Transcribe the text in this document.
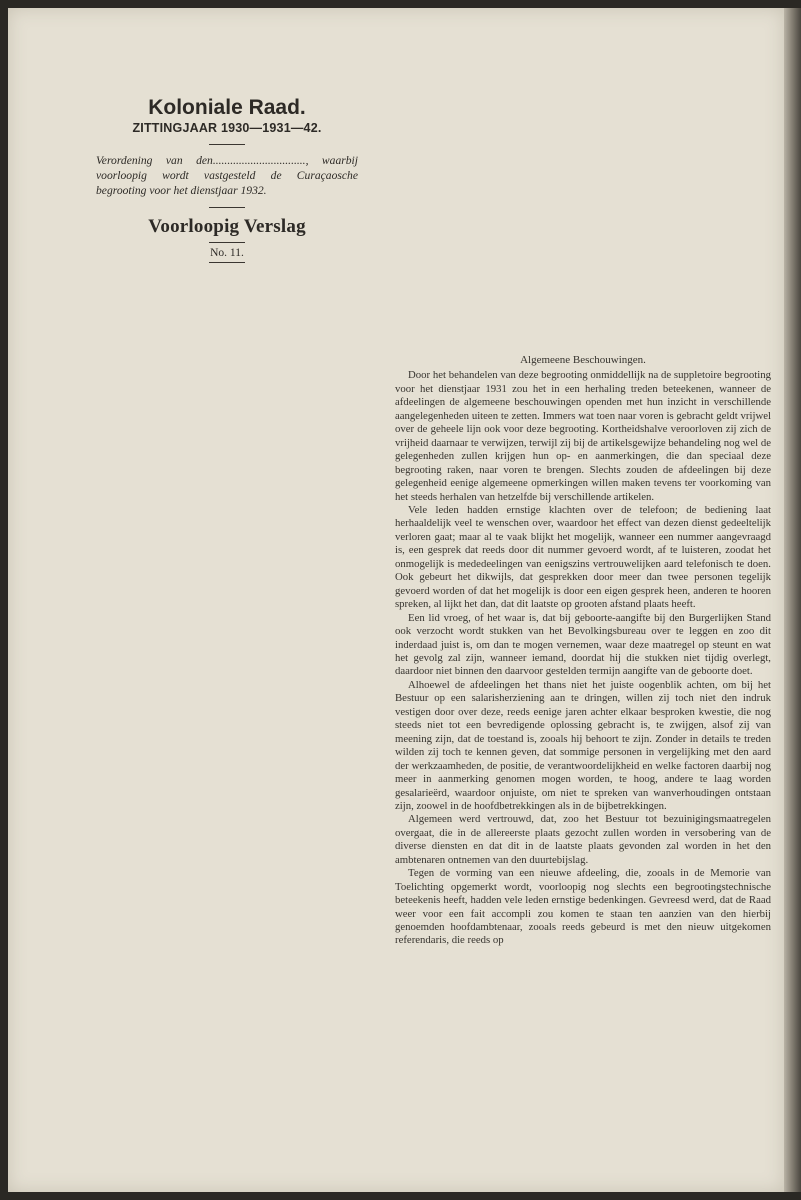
Koloniale Raad.

ZITTINGJAAR 1930—1931—42.

Verordening van den................................, waarbij voorloopig wordt vastgesteld de Curaçaosche begrooting voor het dienstjaar 1932.

Voorloopig Verslag

No. 11.

Algemeene Beschouwingen.

Door het behandelen van deze begrooting onmiddellijk na de suppletoire begrooting voor het dienstjaar 1931 zou het in een herhaling treden beteekenen, wanneer de afdeelingen de algemeene beschouwingen openden met hun inzicht in verschillende aangelegenheden uiteen te zetten. Immers wat toen naar voren is gebracht geldt vrijwel over de geheele lijn ook voor deze begrooting. Kortheidshalve veroorloven zij zich de vrijheid daarnaar te verwijzen, terwijl zij bij de artikelsgewijze behandeling nog wel de gelegenheden zullen krijgen hun op- en aanmerkingen, die dan speciaal deze begrooting raken, naar voren te brengen. Slechts zouden de afdeelingen bij deze gelegenheid eenige algemeene opmerkingen willen maken tevens ter voorkoming van het steeds herhalen van hetzelfde bij verschillende artikelen.

Vele leden hadden ernstige klachten over de telefoon; de bediening laat herhaaldelijk veel te wenschen over, waardoor het effect van dezen dienst gedeeltelijk verloren gaat; maar al te vaak blijkt het mogelijk, wanneer een nummer aangevraagd is, een gesprek dat reeds door dit nummer gevoerd wordt, af te luisteren, zoodat het onmogelijk is mededeelingen van eenigszins vertrouwelijken aard telefonisch te doen. Ook gebeurt het dikwijls, dat gesprekken door meer dan twee personen tegelijk gevoerd worden of dat het mogelijk is door een eigen gesprek heen, anderen te hooren spreken, al lijkt het dan, dat dit laatste op grooten afstand plaats heeft.

Een lid vroeg, of het waar is, dat bij geboorte-aangifte bij den Burgerlijken Stand ook verzocht wordt stukken van het Bevolkingsbureau over te leggen en zoo dit inderdaad juist is, om dan te mogen vernemen, waar deze maatregel op steunt en wat het gevolg zal zijn, wanneer iemand, doordat hij die stukken niet tijdig overlegt, daardoor niet binnen den daarvoor gestelden termijn aangifte van de geboorte doet.

Alhoewel de afdeelingen het thans niet het juiste oogenblik achten, om bij het Bestuur op een salarisherziening aan te dringen, willen zij toch niet den indruk vestigen door over deze, reeds eenige jaren achter elkaar besproken kwestie, die nog steeds niet tot een bevredigende oplossing gebracht is, te zwijgen, alsof zij van meening zijn, dat de toestand is, zooals hij behoort te zijn. Zonder in details te treden wilden zij toch te kennen geven, dat sommige personen in vergelijking met den aard der werkzaamheden, de positie, de verantwoordelijkheid en welke factoren daarbij nog meer in aanmerking genomen mogen worden, te hoog, andere te laag worden gesalarieërd, waardoor onjuiste, om niet te spreken van wanverhoudingen ontstaan zijn, zoowel in de hoofdbetrekkingen als in de bijbetrekkingen.

Algemeen werd vertrouwd, dat, zoo het Bestuur tot bezuinigingsmaatregelen overgaat, die in de allereerste plaats gezocht zullen worden in versobering van de diverse diensten en dat dit in de laatste plaats gevonden zal worden in het den ambtenaren ontnemen van den duurtebijslag.

Tegen de vorming van een nieuwe afdeeling, die, zooals in de Memorie van Toelichting opgemerkt wordt, voorloopig nog slechts een begrootingstechnische beteekenis heeft, hadden vele leden ernstige bedenkingen. Gevreesd werd, dat de Raad weer voor een fait accompli zou komen te staan ten aanzien van den hierbij genoemden hoofdambtenaar, zooals reeds gebeurd is met den nieuw uitgekomen referendaris, die reeds op
